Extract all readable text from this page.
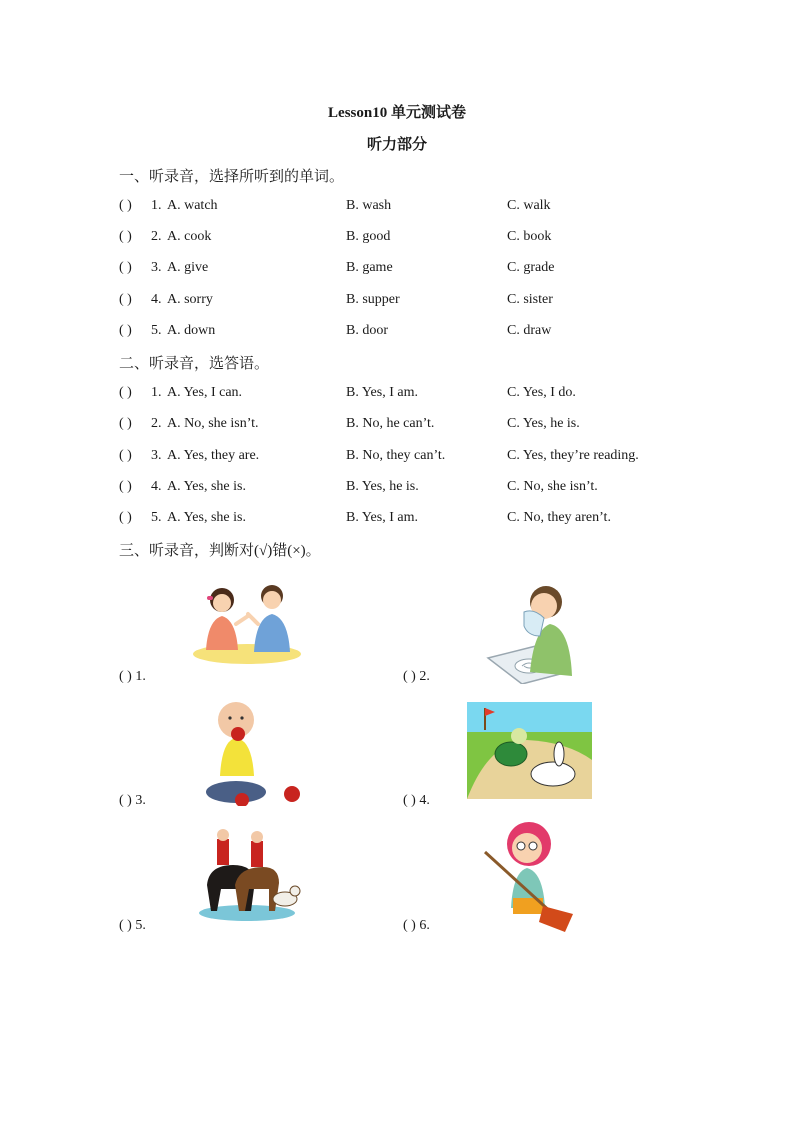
Lesson10 单元测试卷
听力部分
一、听录音，选择所听到的单词。
( ) 1. A. watch	B. wash	C. walk
( ) 2. A. cook	B. good	C. book
( ) 3. A. give	B. game	C. grade
( ) 4. A. sorry	B. supper	C. sister
( ) 5. A. down	B. door	C. draw
二、听录音，选答语。
( ) 1. A. Yes, I can.	B. Yes, I am.	C. Yes, I do.
( ) 2. A. No, she isn’t.	B. No, he can’t.	C. Yes, he is.
( ) 3. A. Yes, they are.	B. No, they can’t.	C. Yes, they’re reading.
( ) 4. A. Yes, she is.	B. Yes, he is.	C. No, she isn’t.
( ) 5. A. Yes, she is.	B. Yes, I am.	C. No, they aren’t.
三、听录音，判断对(√)错(×)。
( ) 1.	( ) 2.
( ) 3.	( ) 4.
( ) 5.	( ) 6.
